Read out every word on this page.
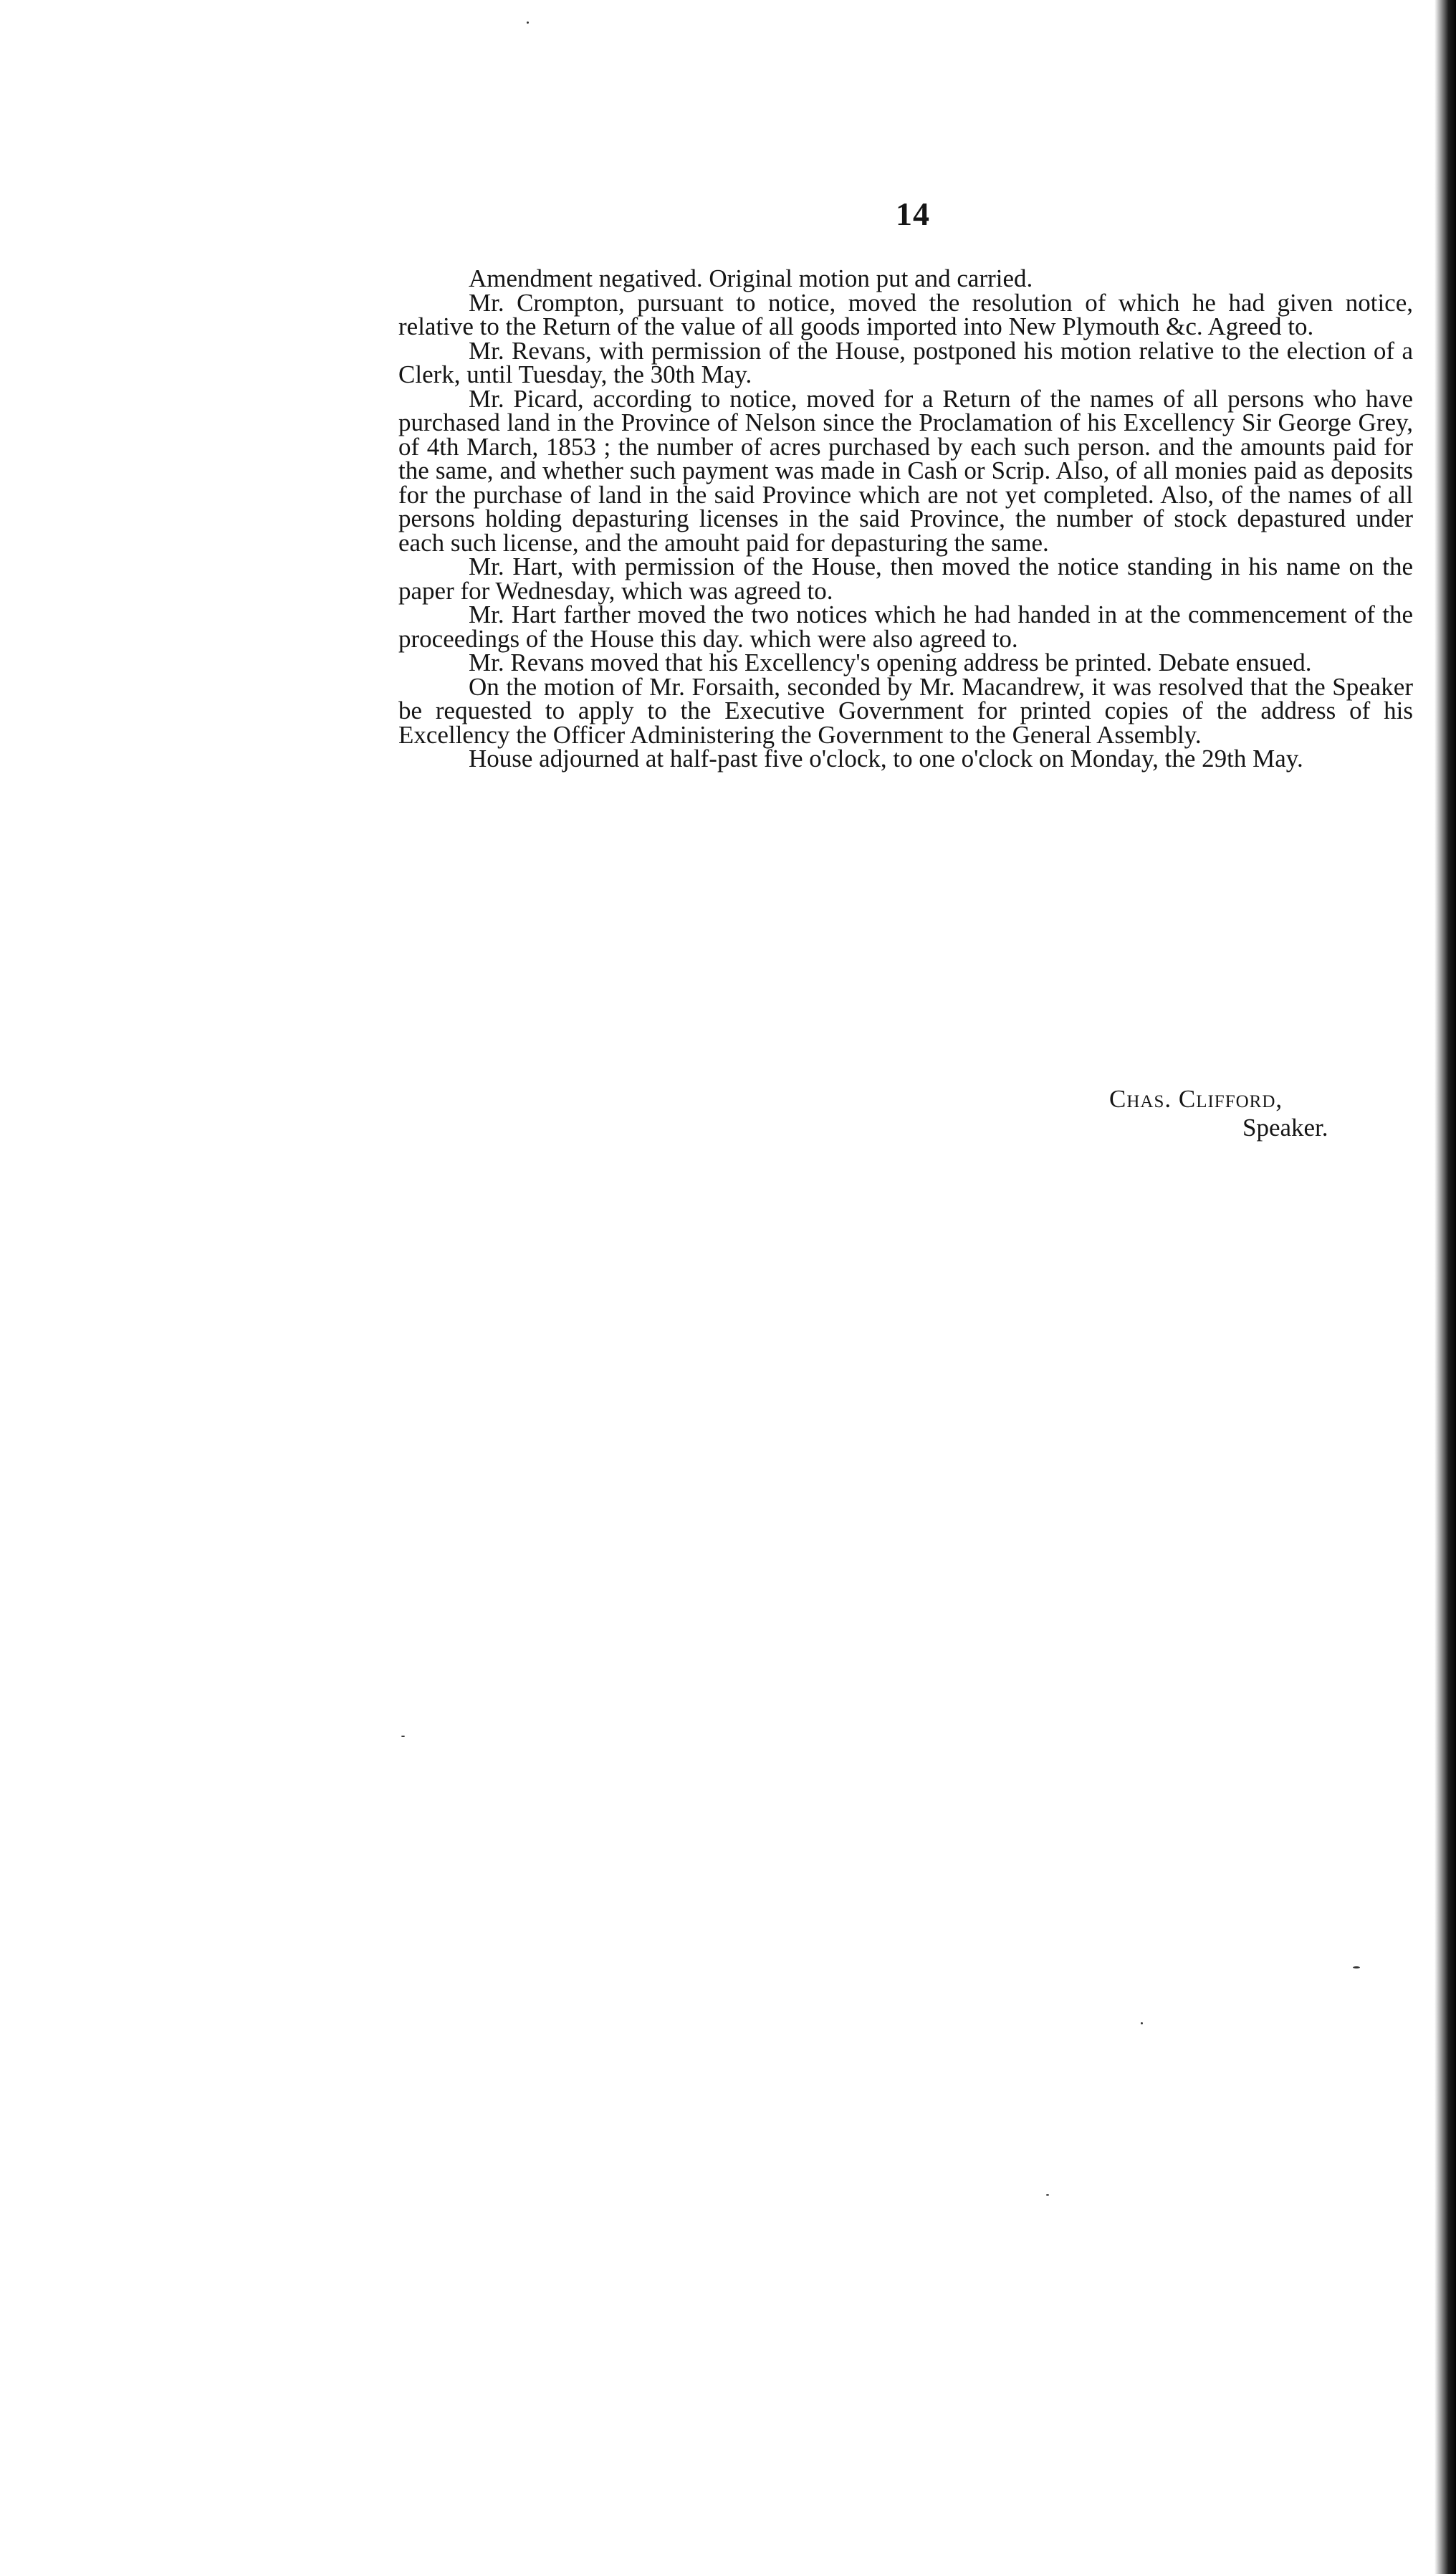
14

Amendment negatived. Original motion put and carried.

Mr. Crompton, pursuant to notice, moved the resolution of which he had given notice, relative to the Return of the value of all goods imported into New Plymouth &c. Agreed to.

Mr. Revans, with permission of the House, postponed his motion relative to the election of a Clerk, until Tuesday, the 30th May.

Mr. Picard, according to notice, moved for a Return of the names of all persons who have purchased land in the Province of Nelson since the Proclamation of his Excellency Sir George Grey, of 4th March, 1853 ; the number of acres purchased by each such person. and the amounts paid for the same, and whether such payment was made in Cash or Scrip. Also, of all monies paid as deposits for the purchase of land in the said Province which are not yet completed. Also, of the names of all persons holding depasturing licenses in the said Province, the number of stock depastured under each such license, and the amouht paid for depasturing the same.

Mr. Hart, with permission of the House, then moved the notice standing in his name on the paper for Wednesday, which was agreed to.

Mr. Hart farther moved the two notices which he had handed in at the commencement of the proceedings of the House this day. which were also agreed to.

Mr. Revans moved that his Excellency's opening address be printed. Debate ensued.

On the motion of Mr. Forsaith, seconded by Mr. Macandrew, it was resolved that the Speaker be requested to apply to the Executive Government for printed copies of the address of his Excellency the Officer Administering the Government to the General Assembly.

House adjourned at half-past five o'clock, to one o'clock on Monday, the 29th May.

Chas. Clifford,
Speaker.
